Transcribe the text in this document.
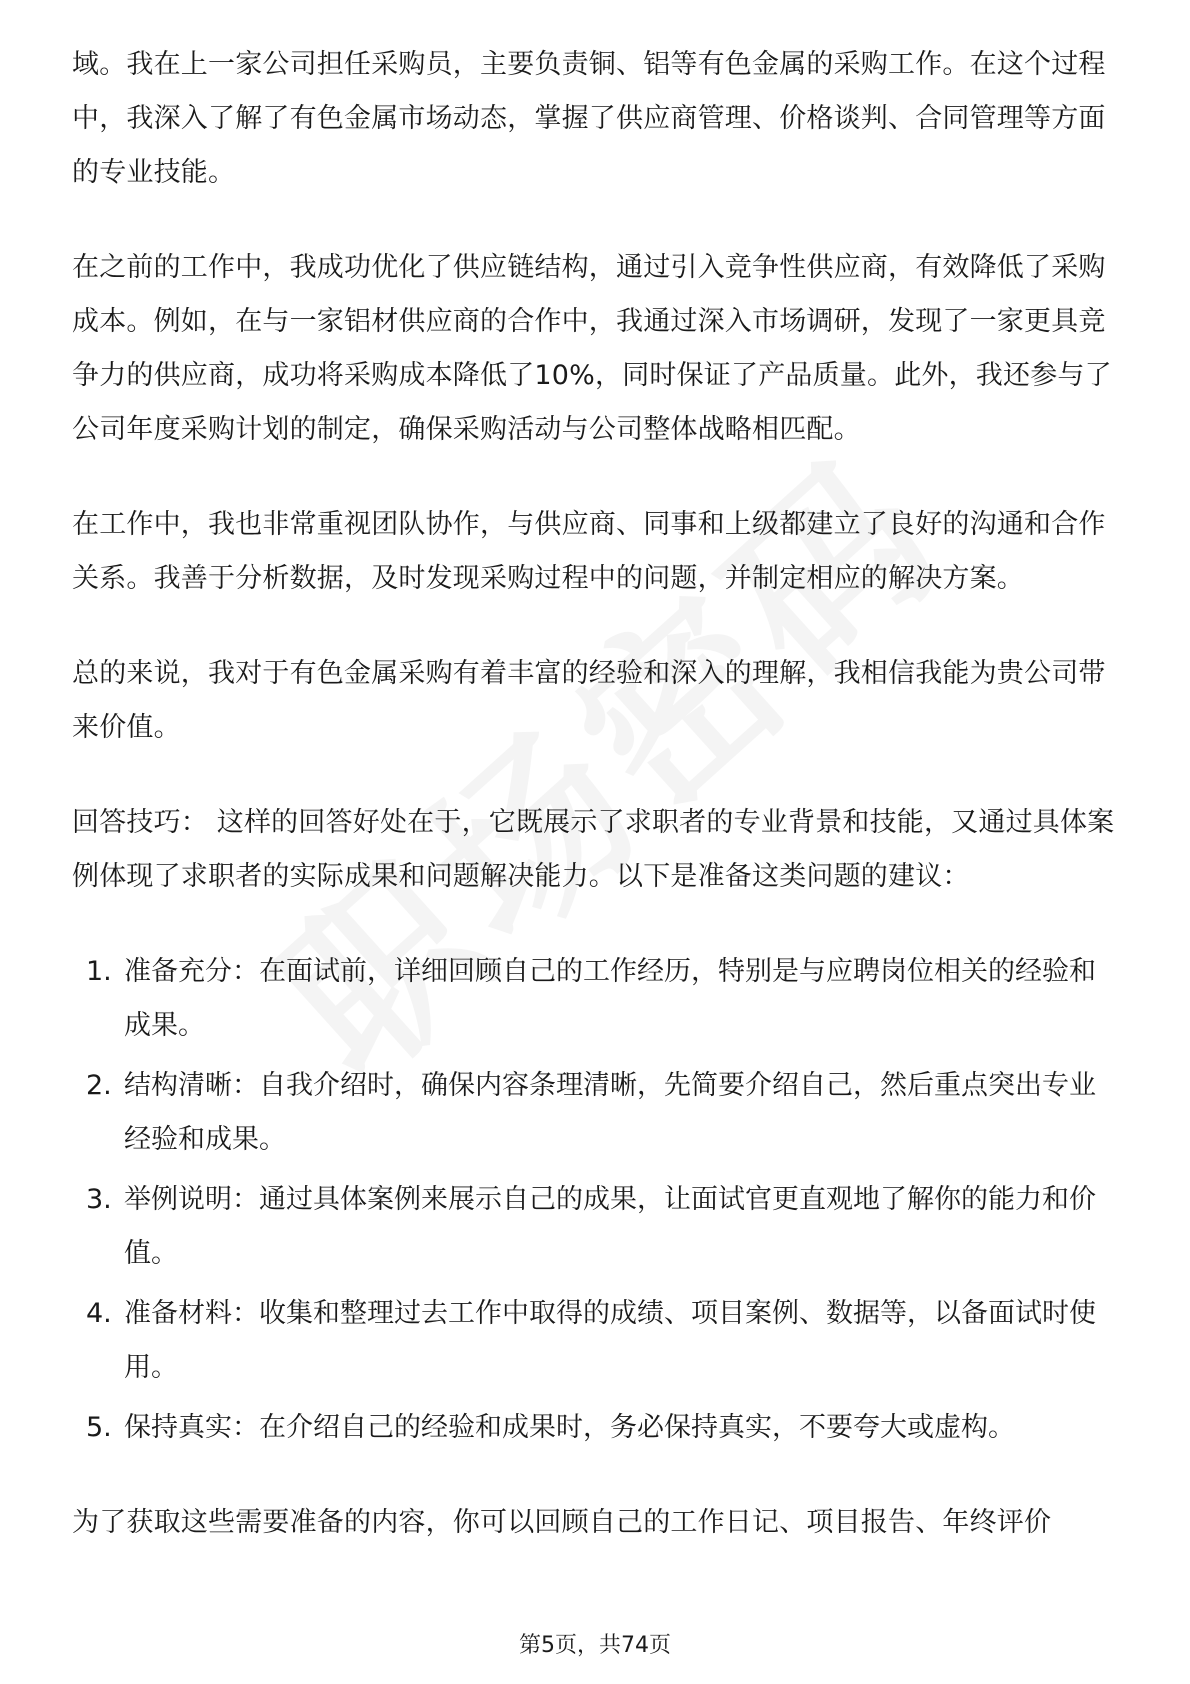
域。我在上一家公司担任采购员，主要负责铜、铝等有色金属的采购工作。在这个过程中，我深入了解了有色金属市场动态，掌握了供应商管理、价格谈判、合同管理等方面的专业技能。

在之前的工作中，我成功优化了供应链结构，通过引入竞争性供应商，有效降低了采购成本。例如，在与一家铝材供应商的合作中，我通过深入市场调研，发现了一家更具竞争力的供应商，成功将采购成本降低了10%，同时保证了产品质量。此外，我还参与了公司年度采购计划的制定，确保采购活动与公司整体战略相匹配。

在工作中，我也非常重视团队协作，与供应商、同事和上级都建立了良好的沟通和合作关系。我善于分析数据，及时发现采购过程中的问题，并制定相应的解决方案。

总的来说，我对于有色金属采购有着丰富的经验和深入的理解，我相信我能为贵公司带来价值。

回答技巧： 这样的回答好处在于，它既展示了求职者的专业背景和技能，又通过具体案例体现了求职者的实际成果和问题解决能力。以下是准备这类问题的建议：

1. 准备充分：在面试前，详细回顾自己的工作经历，特别是与应聘岗位相关的经验和成果。
2. 结构清晰：自我介绍时，确保内容条理清晰，先简要介绍自己，然后重点突出专业经验和成果。
3. 举例说明：通过具体案例来展示自己的成果，让面试官更直观地了解你的能力和价值。
4. 准备材料：收集和整理过去工作中取得的成绩、项目案例、数据等，以备面试时使用。
5. 保持真实：在介绍自己的经验和成果时，务必保持真实，不要夸大或虚构。

为了获取这些需要准备的内容，你可以回顾自己的工作日记、项目报告、年终评价

第5页，共74页
